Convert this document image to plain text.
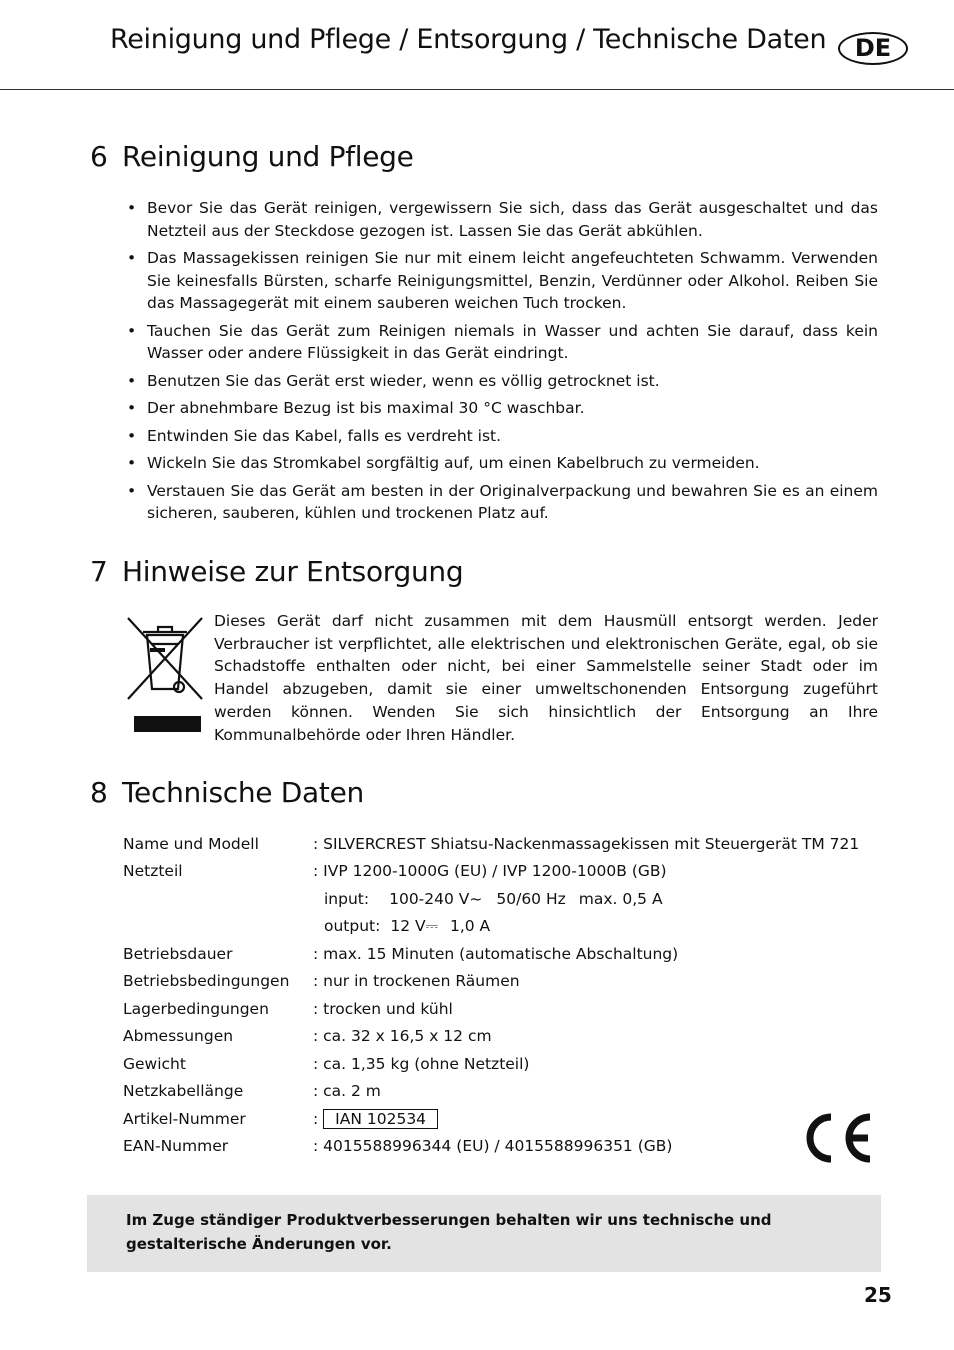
Reinigung und Pflege / Entsorgung / Technische Daten	DE
6 Reinigung und Pflege
• Bevor Sie das Gerät reinigen, vergewissern Sie sich, dass das Gerät ausgeschaltet und das Netzteil aus der Steckdose gezogen ist. Lassen Sie das Gerät abkühlen.
• Das Massagekissen reinigen Sie nur mit einem leicht angefeuchteten Schwamm. Verwenden Sie keinesfalls Bürsten, scharfe Reinigungsmittel, Benzin, Verdünner oder Alkohol. Reiben Sie das Massagegerät mit einem sauberen weichen Tuch trocken.
• Tauchen Sie das Gerät zum Reinigen niemals in Wasser und achten Sie darauf, dass kein Wasser oder andere Flüssigkeit in das Gerät eindringt.
• Benutzen Sie das Gerät erst wieder, wenn es völlig getrocknet ist.
• Der abnehmbare Bezug ist bis maximal 30 °C waschbar.
• Entwinden Sie das Kabel, falls es verdreht ist.
• Wickeln Sie das Stromkabel sorgfältig auf, um einen Kabelbruch zu vermeiden.
• Verstauen Sie das Gerät am besten in der Originalverpackung und bewahren Sie es an einem sicheren, sauberen, kühlen und trockenen Platz auf.
7 Hinweise zur Entsorgung

Dieses Gerät darf nicht zusammen mit dem Hausmüll entsorgt werden. Jeder Verbraucher ist verpflichtet, alle elektrischen und elektronischen Geräte, egal, ob sie Schadstoffe enthalten oder nicht, bei einer Sammelstelle seiner Stadt oder im Handel abzugeben, damit sie einer umweltschonenden Entsorgung zugeführt werden können. Wenden Sie sich hinsichtlich der Entsorgung an Ihre Kommunalbehörde oder Ihren Händler.

8 Technische Daten
Name und Modell	: SILVERCREST Shiatsu-Nackenmassagekissen mit Steuergerät TM 721
Netzteil	: IVP 1200-1000G (EU) / IVP 1200-1000B (GB)
	input: 100-240 V~ 50/60 Hz max. 0,5 A
	output: 12 V⎓ 1,0 A
Betriebsdauer	: max. 15 Minuten (automatische Abschaltung)
Betriebsbedingungen	: nur in trockenen Räumen
Lagerbedingungen	: trocken und kühl
Abmessungen	: ca. 32 x 16,5 x 12 cm
Gewicht	: ca. 1,35 kg (ohne Netzteil)
Netzkabellänge	: ca. 2 m
Artikel-Nummer	: IAN 102534
EAN-Nummer	: 4015588996344 (EU) / 4015588996351 (GB)

Im Zuge ständiger Produktverbesserungen behalten wir uns technische und gestalterische Änderungen vor.

25
